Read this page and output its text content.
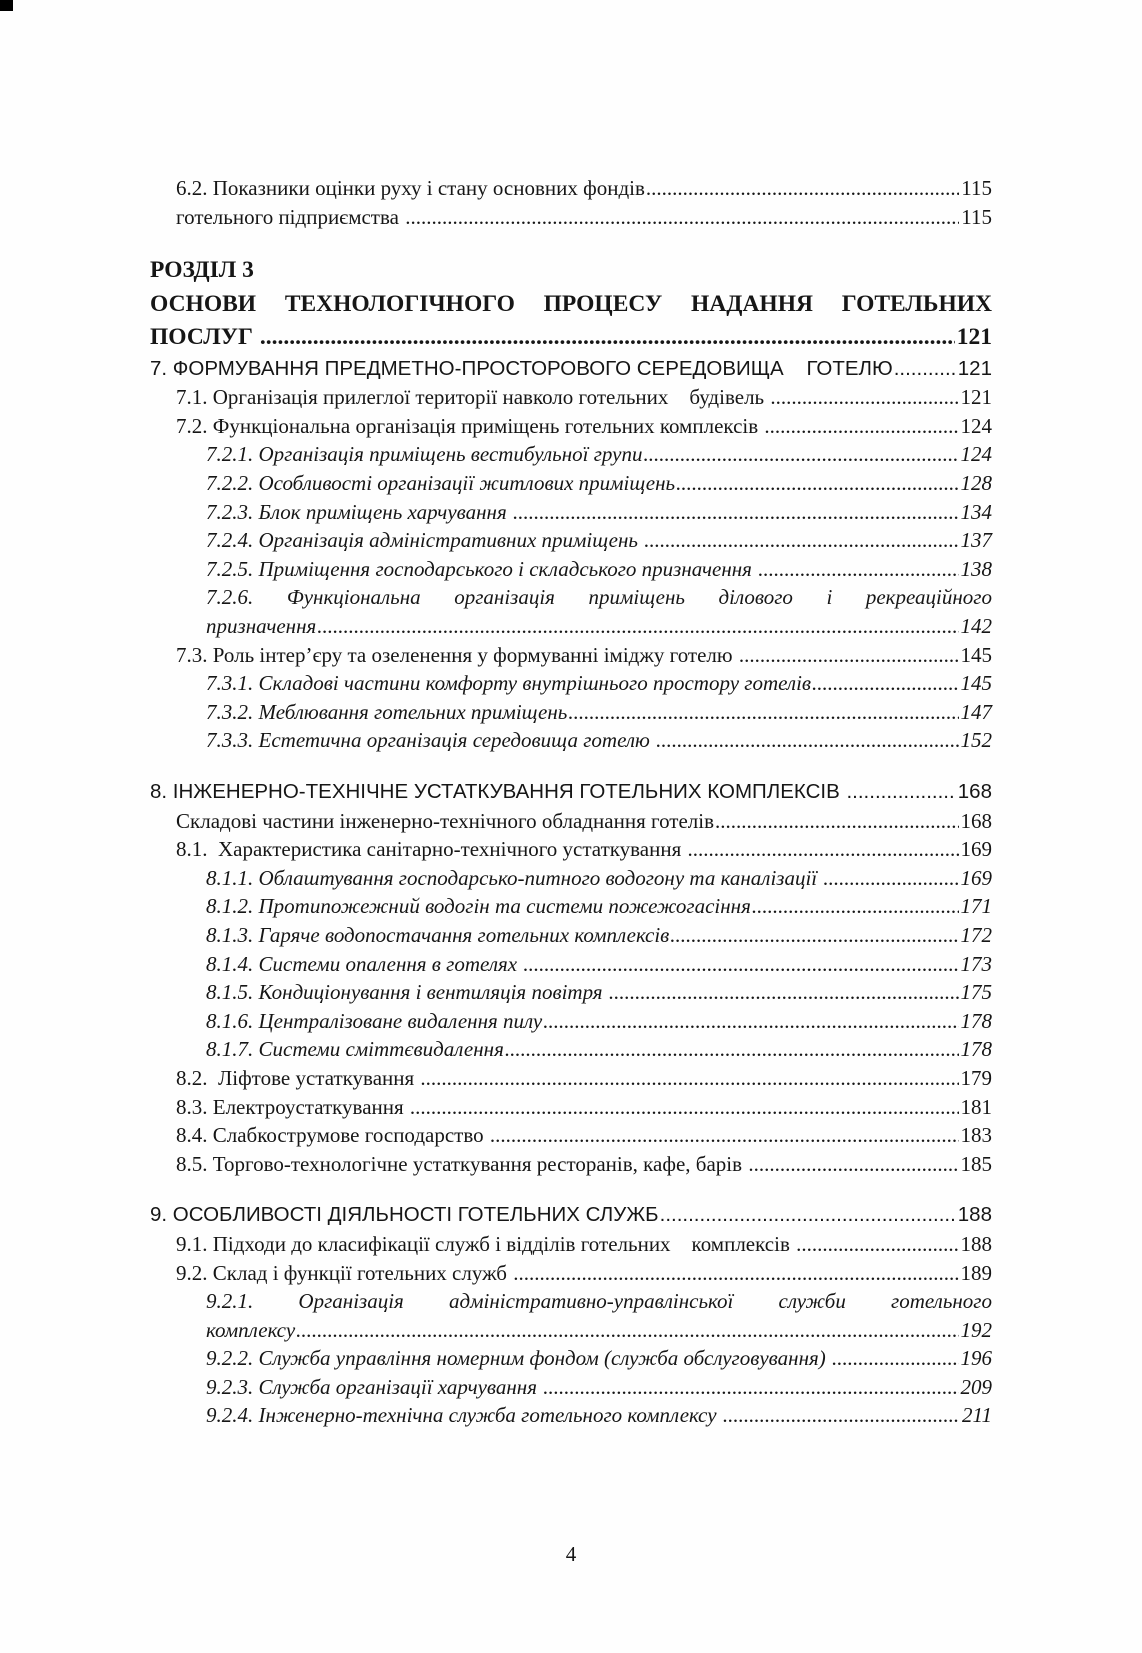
6.2. Показники оцінки руху і стану основних фондів .....	115
готельного підприємства .....	115
РОЗДІЛ 3
ОСНОВИ ТЕХНОЛОГІЧНОГО ПРОЦЕСУ НАДАННЯ ГОТЕЛЬНИХ
ПОСЛУГ .....	121
7. ФОРМУВАННЯ ПРЕДМЕТНО-ПРОСТОРОВОГО СЕРЕДОВИЩА    ГОТЕЛЮ .....	121
7.1. Організація прилеглої території навколо готельних    будівель .....	121
7.2. Функціональна організація приміщень готельних комплексів .....	124
7.2.1. Організація приміщень вестибульної групи .....	124
7.2.2. Особливості організації житлових приміщень .....	128
7.2.3. Блок приміщень харчування .....	134
7.2.4. Організація адміністративних приміщень .....	137
7.2.5. Приміщення господарського і складського призначення .....	138
7.2.6. Функціональна організація приміщень ділового і рекреаційного
призначення .....	142
7.3. Роль інтер’єру та озеленення у формуванні іміджу готелю .....	145
7.3.1. Складові частини комфорту внутрішнього простору готелів .....	145
7.3.2. Меблювання готельних приміщень .....	147
7.3.3. Естетична організація середовища готелю .....	152
8. ІНЖЕНЕРНО-ТЕХНІЧНЕ УСТАТКУВАННЯ ГОТЕЛЬНИХ КОМПЛЕКСІВ .....	168
Складові частини інженерно-технічного обладнання готелів .....	168
8.1.  Характеристика санітарно-технічного устаткування .....	169
8.1.1. Облаштування господарсько-питного водогону та каналізації .....	169
8.1.2. Протипожежний водогін та системи пожежогасіння .....	171
8.1.3. Гаряче водопостачання готельних комплексів .....	172
8.1.4. Системи опалення в готелях .....	173
8.1.5. Кондиціонування і вентиляція повітря .....	175
8.1.6. Централізоване видалення пилу .....	178
8.1.7. Системи сміттєвидалення .....	178
8.2.  Ліфтове устаткування .....	179
8.3. Електроустаткування .....	181
8.4. Слабкострумове господарство .....	183
8.5. Торгово-технологічне устаткування ресторанів, кафе, барів .....	185
9. ОСОБЛИВОСТІ ДІЯЛЬНОСТІ ГОТЕЛЬНИХ СЛУЖБ .....	188
9.1. Підходи до класифікації служб і відділів готельних    комплексів .....	188
9.2. Склад і функції готельних служб .....	189
9.2.1. Організація адміністративно-управлінської служби готельного
комплексу .....	192
9.2.2. Служба управління номерним фондом (служба обслуговування) .....	196
9.2.3. Служба організації харчування .....	209
9.2.4. Інженерно-технічна служба готельного комплексу .....	211
4
